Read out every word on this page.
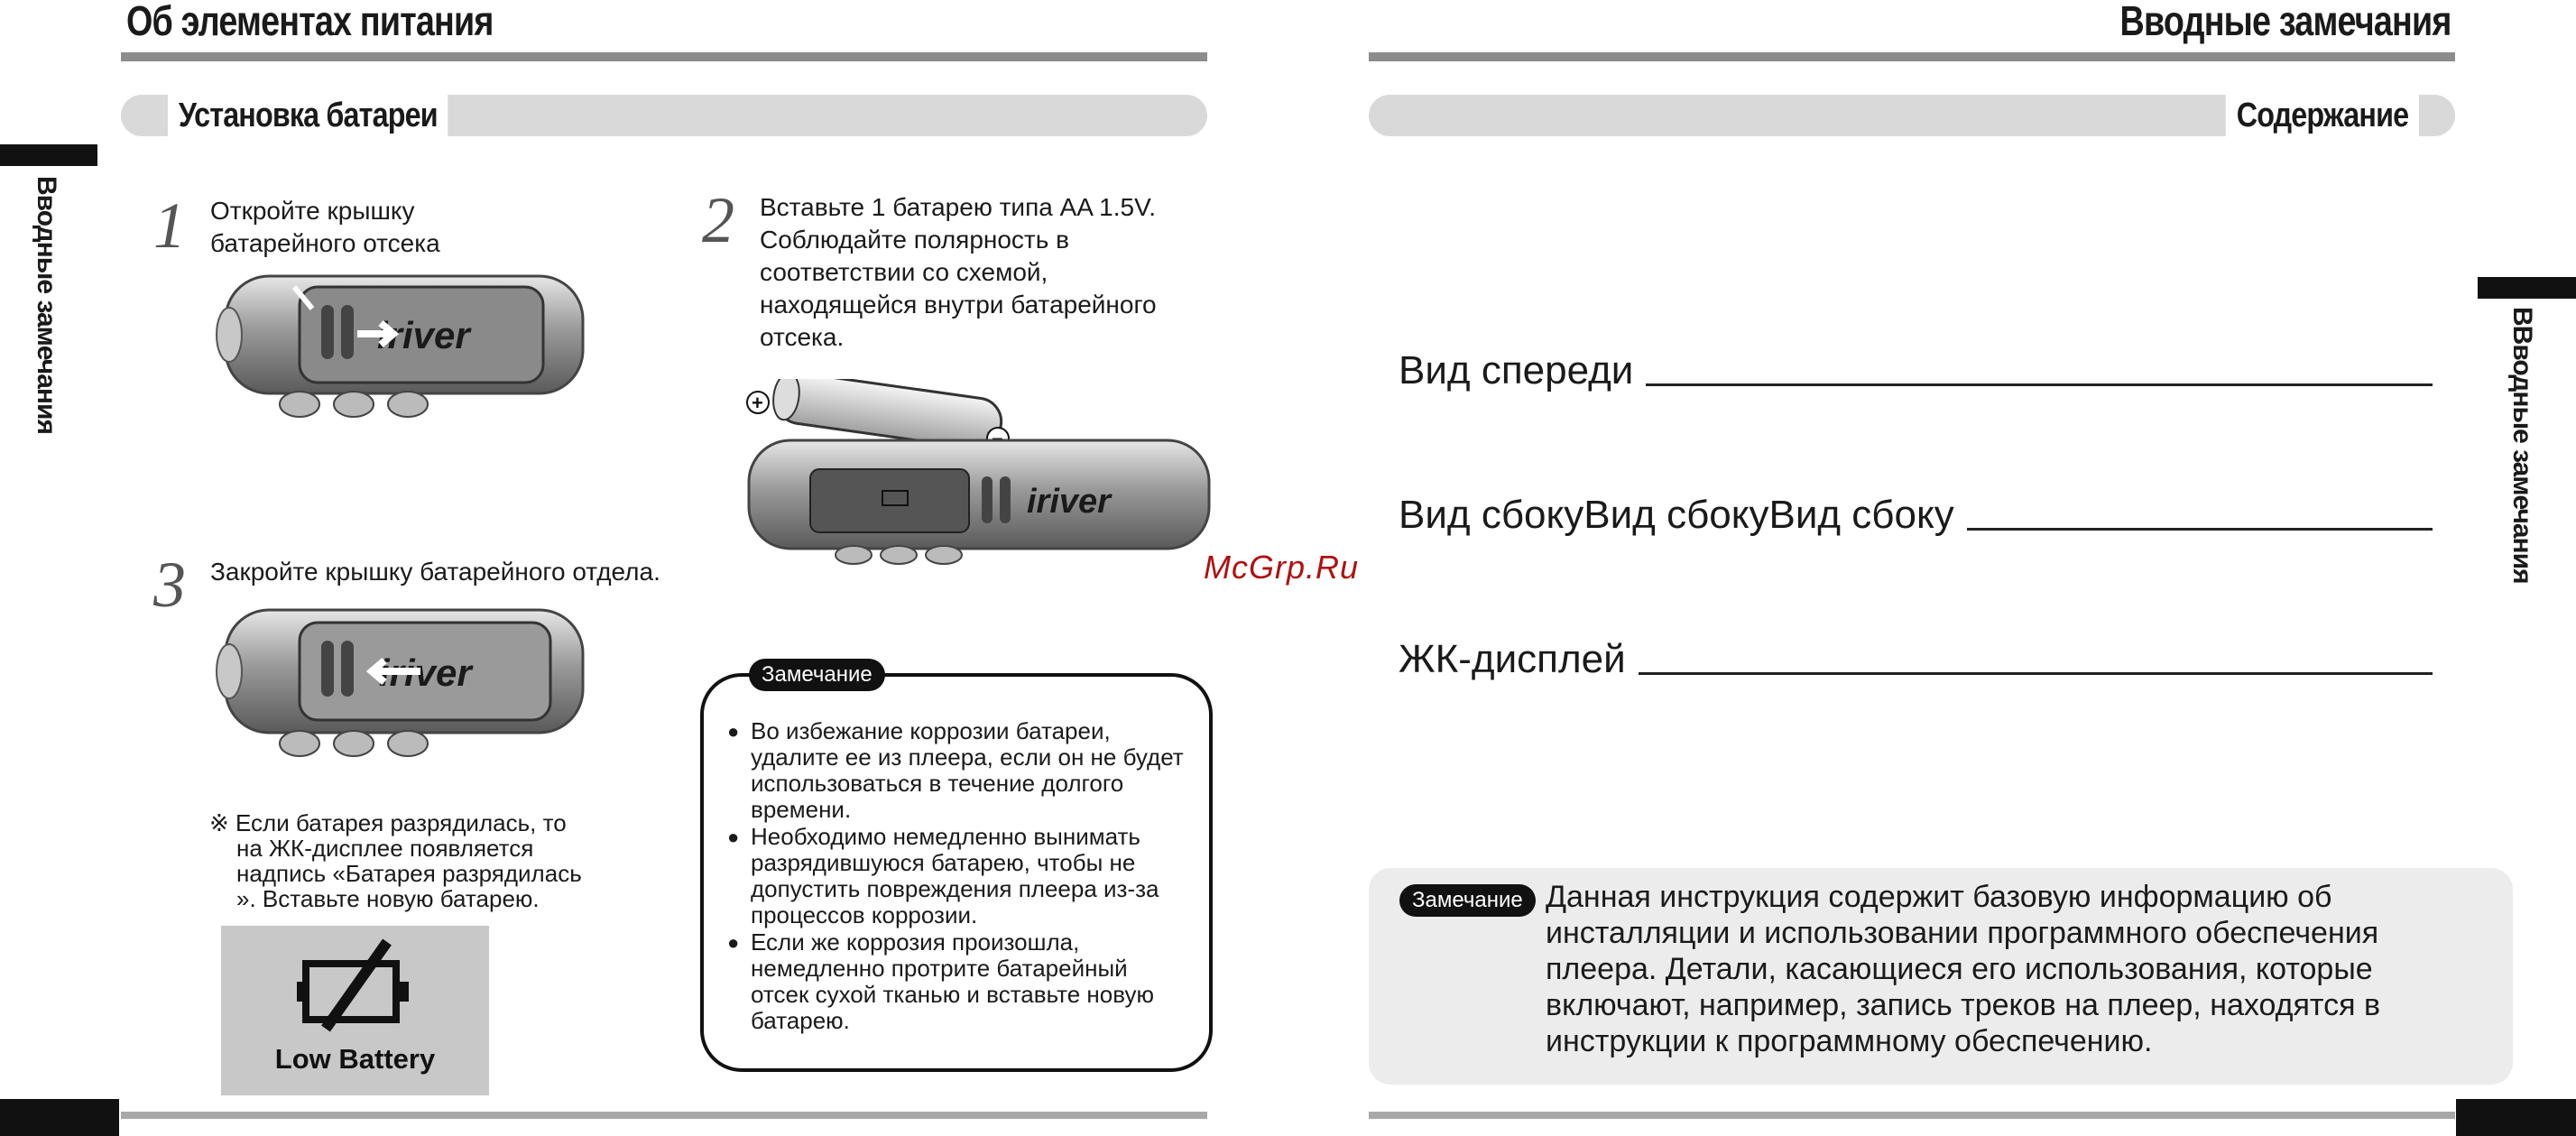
Об элементах питания
Установка батареи
Вводные замечания 1 Откройте крышку
батарейного отсека
iriver
2 Вставьте 1 батарею типа AA 1.5V.
Соблюдайте полярность в
соответствии со схемой,
находящейся внутри батарейного
отсека.
+
iriver
3 Закройте крышку батарейного отдела.
iriver
※ Если батарея разрядилась, то
на ЖК-дисплее появляется
надпись «Батарея разрядилась
». Вставьте новую батарею.
Low Battery
Замечание
● Во избежание коррозии батареи,
удалите ее из плеера, если он не будет
использоваться в течение долгого
времени.
● Необходимо немедленно вынимать
разрядившуюся батарею, чтобы не
допустить повреждения плеера из-за
процессов коррозии.
● Если же коррозия произошла,
немедленно протрите батарейный
отсек сухой тканью и вставьте новую
батарею.
McGrp.Ru
Вводные замечания
Содержание
ВВводные замечания
Вид спереди
Вид сбокуВид сбокуВид сбоку
ЖК-дисплей
Замечание Данная инструкция содержит базовую информацию об
инсталляции и использовании программного обеспечения
плеера. Детали, касающиеся его использования, которые
включают, например, запись треков на плеер, находятся в
инструкции к программному обеспечению.
